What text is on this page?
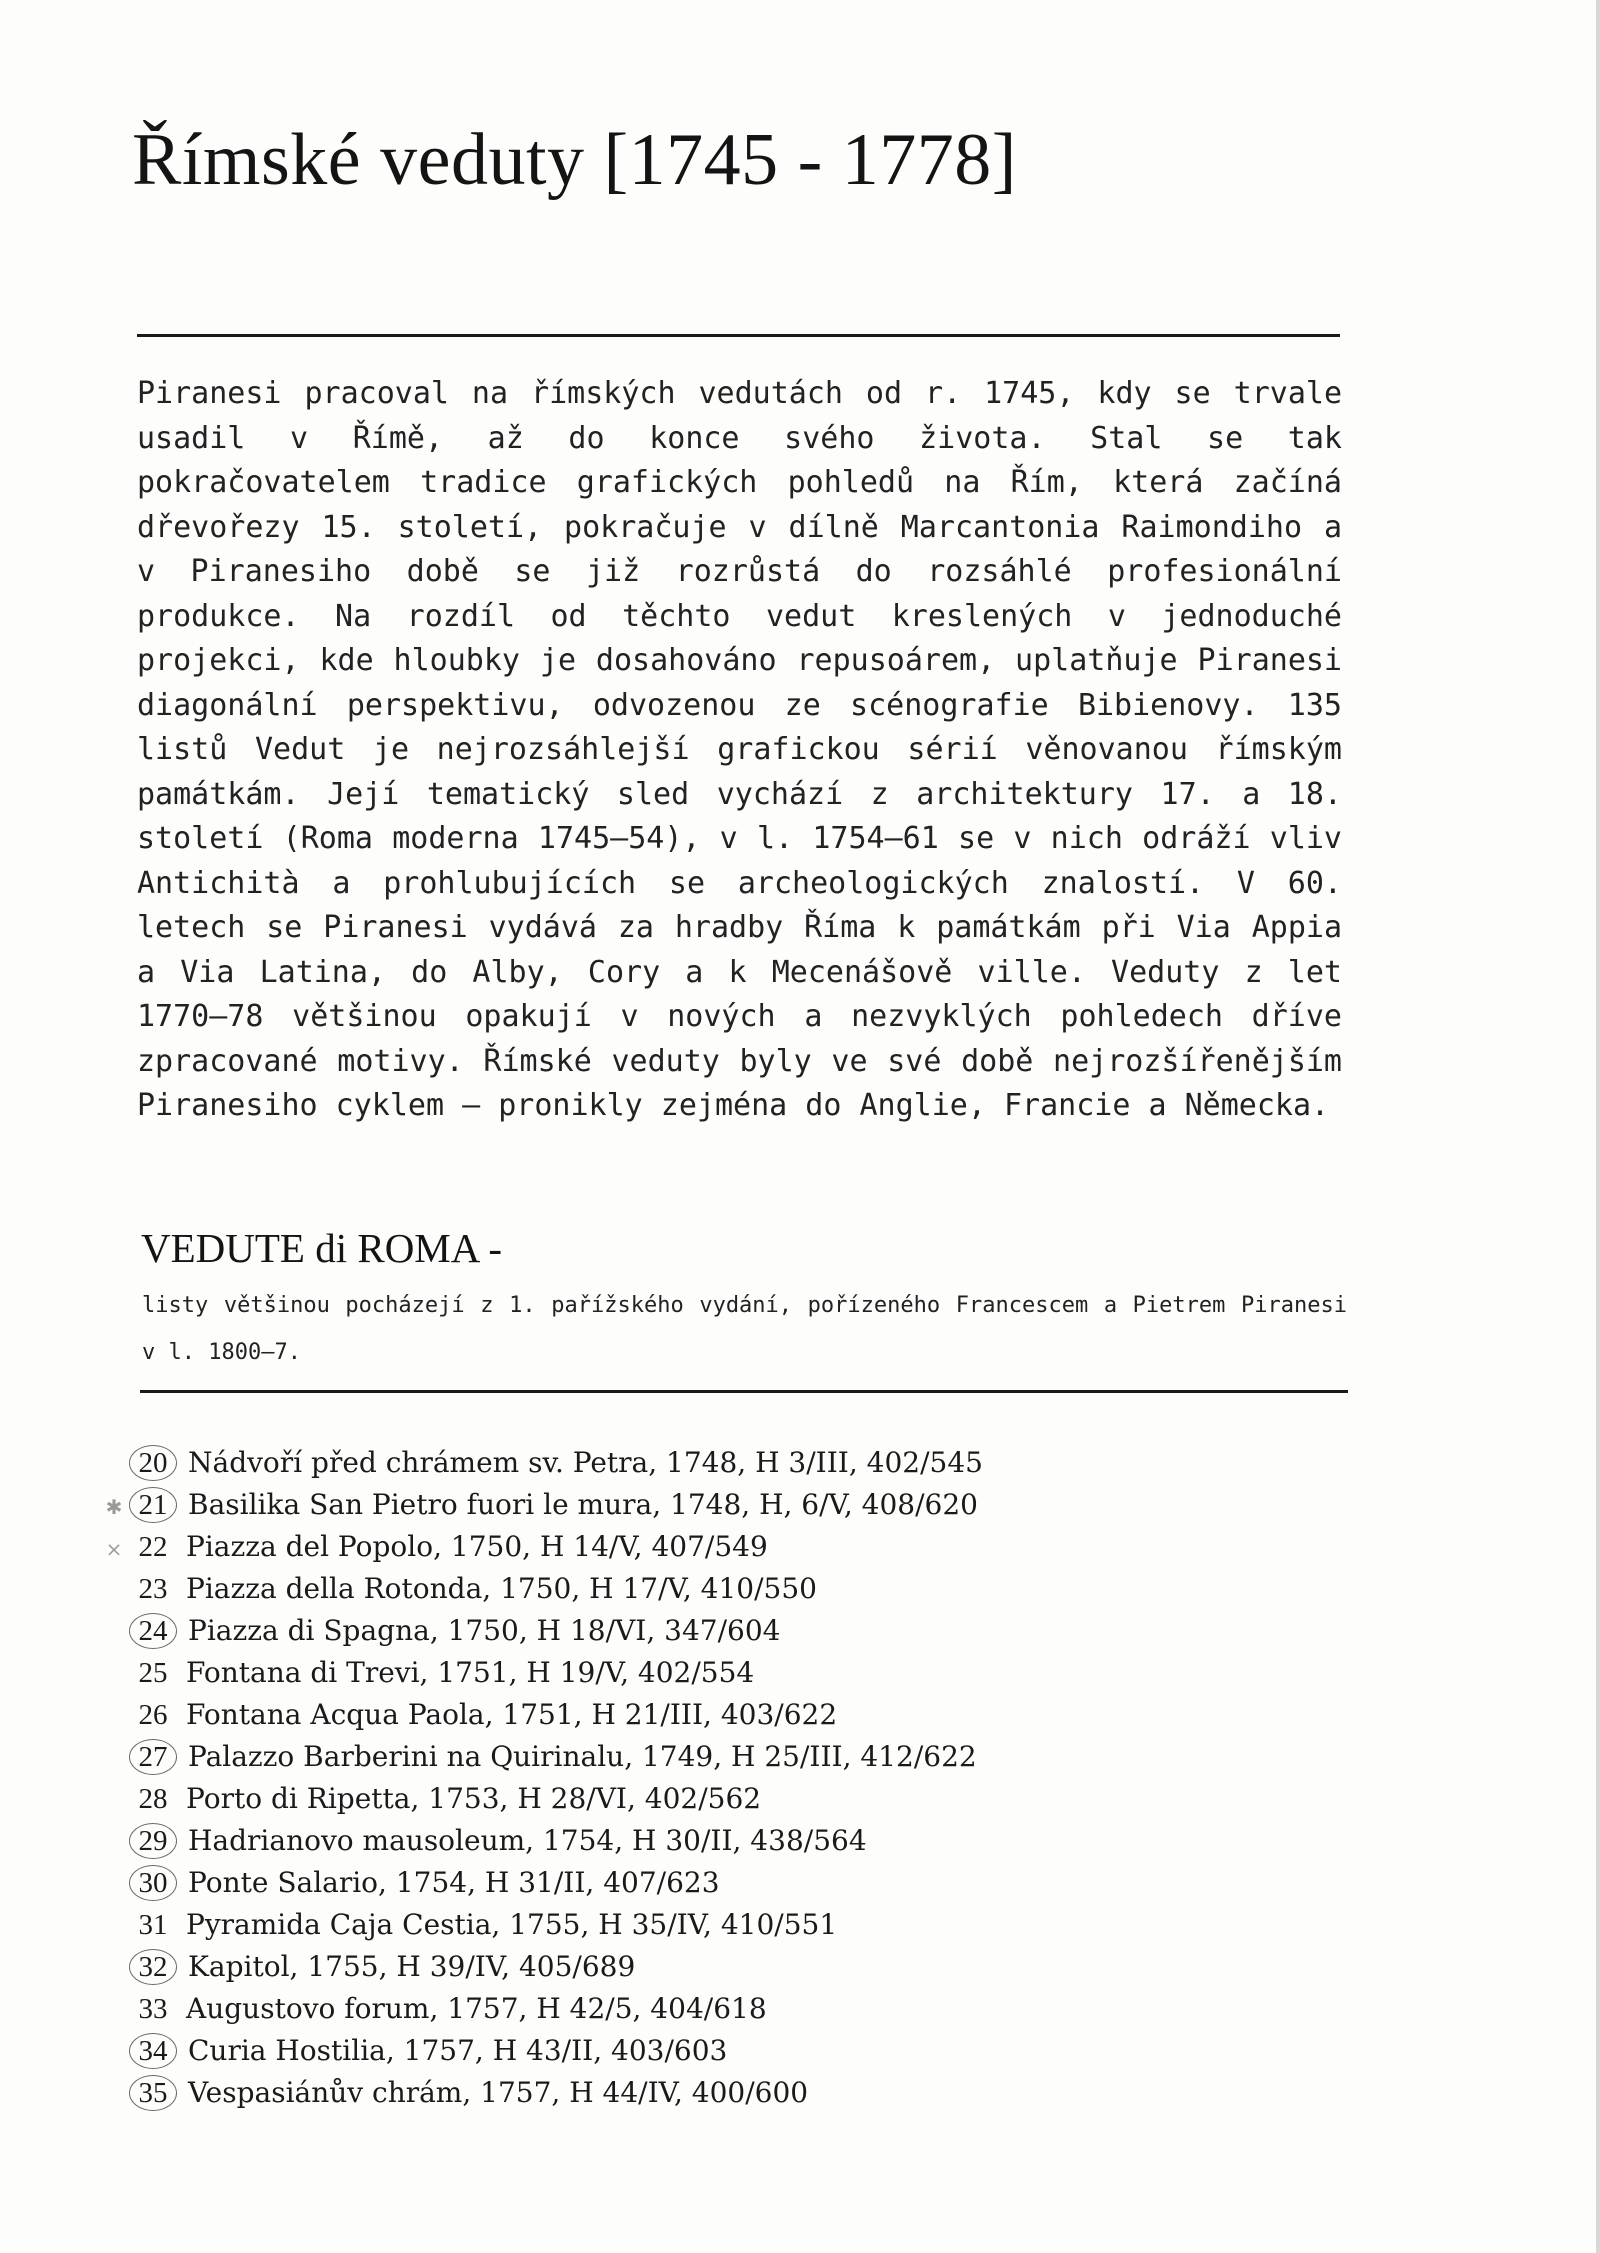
Římské veduty [1745 - 1778]

Piranesi pracoval na římských vedutách od r. 1745, kdy se trvale usadil v Římě, až do konce svého života. Stal se tak pokračovatelem tradice grafických pohledů na Řím, která začíná dřevořezy 15. století, pokračuje v dílně Marcantonia Raimondiho a v Piranesiho době se již rozrůstá do rozsáhlé profesionální produkce. Na rozdíl od těchto vedut kreslených v jednoduché projekci, kde hloubky je dosahováno repusoárem, uplatňuje Piranesi diagonální perspektivu, odvozenou ze scénografie Bibienovy. 135 listů Vedut je nejrozsáhlejší grafickou sérií věnovanou římským památkám. Její tematický sled vychází z architektury 17. a 18. století (Roma moderna 1745—54), v l. 1754—61 se v nich odráží vliv Antichità a prohlubujících se archeologických znalostí. V 60. letech se Piranesi vydává za hradby Říma k památkám při Via Appia a Via Latina, do Alby, Cory a k Mecenášově ville. Veduty z let 1770—78 většinou opakují v nových a nezvyklých pohledech dříve zpracované motivy. Římské veduty byly ve své době nejrozšířenějším Piranesiho cyklem — pronikly zejména do Anglie, Francie a Německa.

VEDUTE di ROMA -

listy většinou pocházejí z 1. pařížského vydání, pořízeného Francescem a Pietrem Piranesi v l. 1800—7.

20 Nádvoří před chrámem sv. Petra, 1748, H 3/III, 402/545
✱ 21 Basilika San Pietro fuori le mura, 1748, H, 6/V, 408/620
× 22 Piazza del Popolo, 1750, H 14/V, 407/549
23 Piazza della Rotonda, 1750, H 17/V, 410/550
24 Piazza di Spagna, 1750, H 18/VI, 347/604
25 Fontana di Trevi, 1751, H 19/V, 402/554
26 Fontana Acqua Paola, 1751, H 21/III, 403/622
27 Palazzo Barberini na Quirinalu, 1749, H 25/III, 412/622
28 Porto di Ripetta, 1753, H 28/VI, 402/562
29 Hadrianovo mausoleum, 1754, H 30/II, 438/564
30 Ponte Salario, 1754, H 31/II, 407/623
31 Pyramida Caja Cestia, 1755, H 35/IV, 410/551
32 Kapitol, 1755, H 39/IV, 405/689
33 Augustovo forum, 1757, H 42/5, 404/618
34 Curia Hostilia, 1757, H 43/II, 403/603
35 Vespasiánův chrám, 1757, H 44/IV, 400/600
